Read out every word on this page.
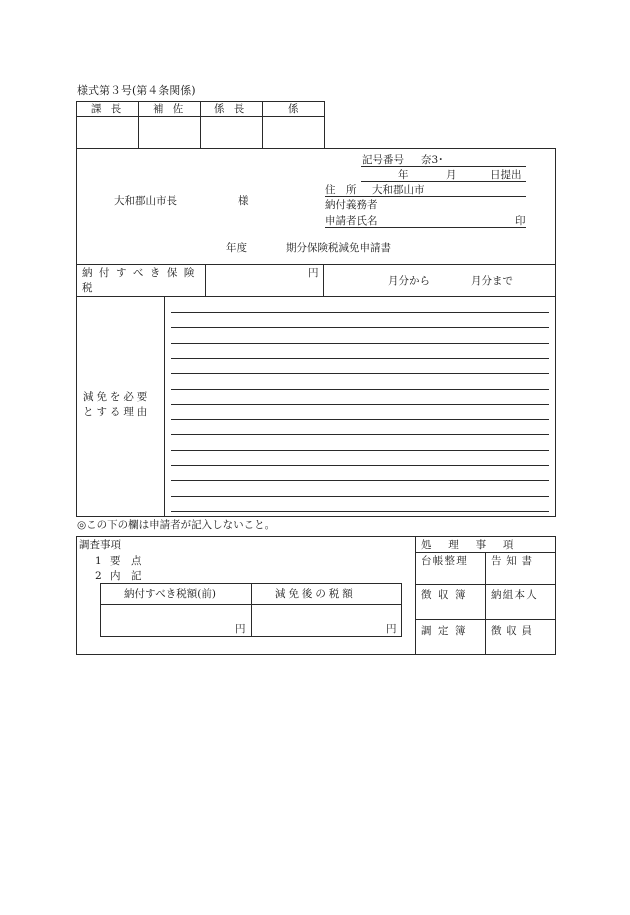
様式第３号(第４条関係)
課 長	補 佐	係 長	係
記号番号 奈3･
年	月	日提出
住　所 大和郡山市
大和郡山市長	様	納付義務者
申請者氏名	印
年度	期分保険税減免申請書
納付すべき保険
税
円
月分から	月分まで
減免を必要
とする理由
◎この下の欄は申請者が記入しないこと。
調査事項
1 要　点
2 内　記
納付すべき税額(前)	減免後の税額
円	円
処　理　事　項
台帳整理 告知書
徴収簿 納組本人
調定簿 徴収員
